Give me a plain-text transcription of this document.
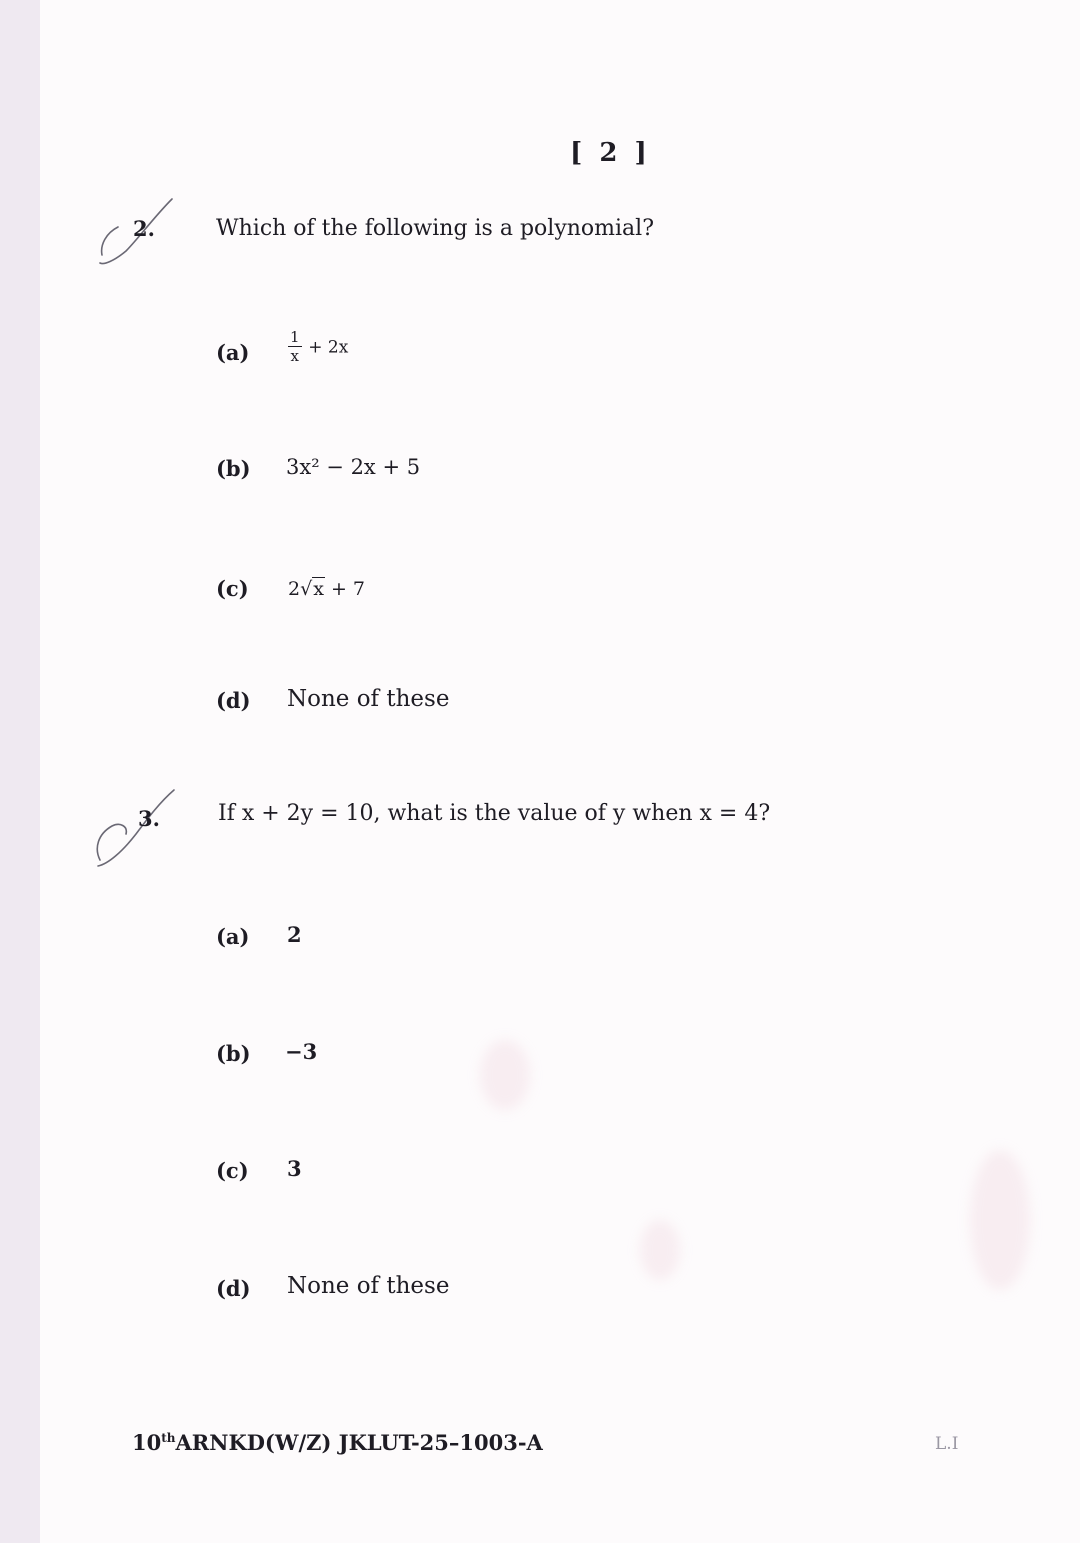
[ 2 ]
2.	Which of the following is a polynomial?
(a)	$\frac{1}{x} + 2x$
(b) 3x² − 2x + 5
(c) 2√x + 7
(d) None of these
3.	If x + 2y = 10, what is the value of y when x = 4?
(a) 2
(b) −3
(c) 3
(d) None of these
10thARNKD(W/Z) JKLUT-25–1003-A	L.I
